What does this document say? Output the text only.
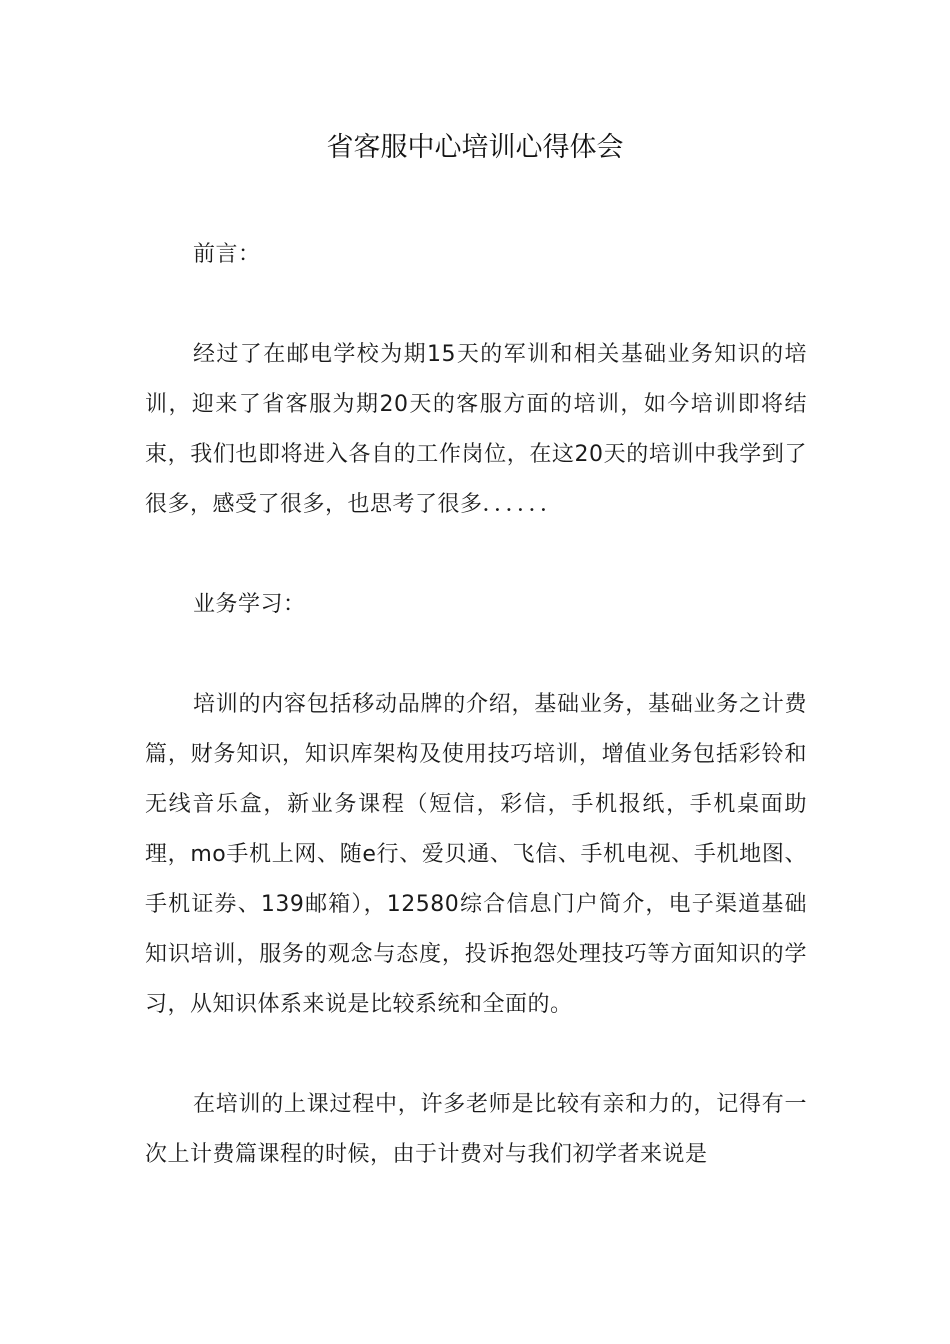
省客服中心培训心得体会

前言：

经过了在邮电学校为期15天的军训和相关基础业务知识的培训，迎来了省客服为期20天的客服方面的培训，如今培训即将结束，我们也即将进入各自的工作岗位，在这20天的培训中我学到了很多，感受了很多，也思考了很多．．．．．．

业务学习：

培训的内容包括移动品牌的介绍，基础业务，基础业务之计费篇，财务知识，知识库架构及使用技巧培训，增值业务包括彩铃和无线音乐盒，新业务课程（短信，彩信，手机报纸，手机桌面助理，mo手机上网、随e行、爱贝通、飞信、手机电视、手机地图、手机证券、139邮箱），12580综合信息门户简介，电子渠道基础知识培训，服务的观念与态度，投诉抱怨处理技巧等方面知识的学习，从知识体系来说是比较系统和全面的。

在培训的上课过程中，许多老师是比较有亲和力的，记得有一次上计费篇课程的时候，由于计费对与我们初学者来说是
